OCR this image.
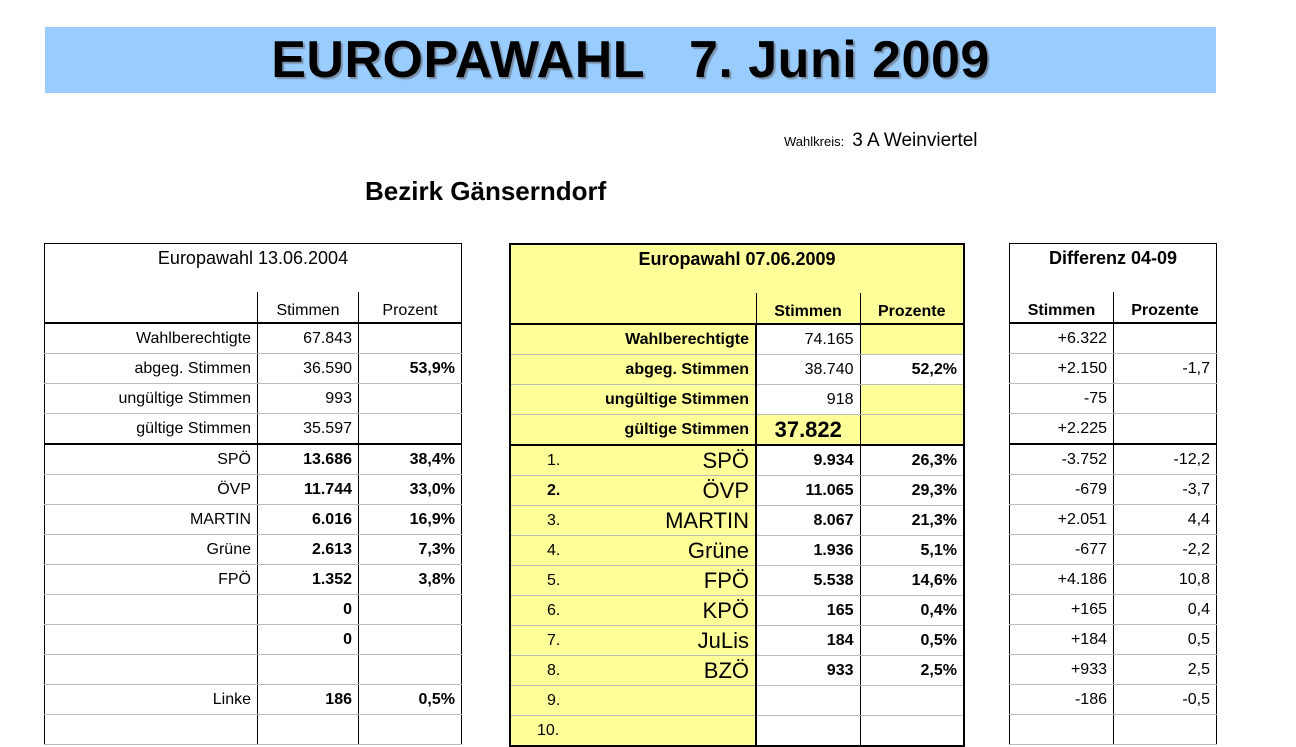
EUROPAWAHL   7. Juni 2009
Wahlkreis: 3 A Weinviertel
Bezirk Gänserndorf
Europawahl 13.06.2004		
	Stimmen	Prozent
Wahlberechtigte	67.843	
abgeg. Stimmen	36.590	53,9%
ungültige Stimmen	993	
gültige Stimmen	35.597	
SPÖ	13.686	38,4%
ÖVP	11.744	33,0%
MARTIN	6.016	16,9%
Grüne	2.613	7,3%
FPÖ	1.352	3,8%
	0	
	0	

Linke	186	0,5%

Europawahl 07.06.2009		
	Stimmen	Prozente
Wahlberechtigte	74.165	
abgeg. Stimmen	38.740	52,2%
ungültige Stimmen	918	
gültige Stimmen	37.822	

1. SPÖ	9.934	26,3%

2. ÖVP	11.065	29,3%

3. MARTIN	8.067	21,3%

4. Grüne	1.936	5,1%

5. FPÖ	5.538	14,6%

6. KPÖ	165	0,4%

7. JuLis	184	0,5%

8. BZÖ	933	2,5%

9.		

10.		

Differenz 04-09	
Stimmen	Prozente
+6.322	
+2.150	-1,7
-75	
+2.225	
-3.752	-12,2
-679	-3,7
+2.051	4,4
-677	-2,2
+4.186	10,8
+165	0,4
+184	0,5
+933	2,5
-186	-0,5
